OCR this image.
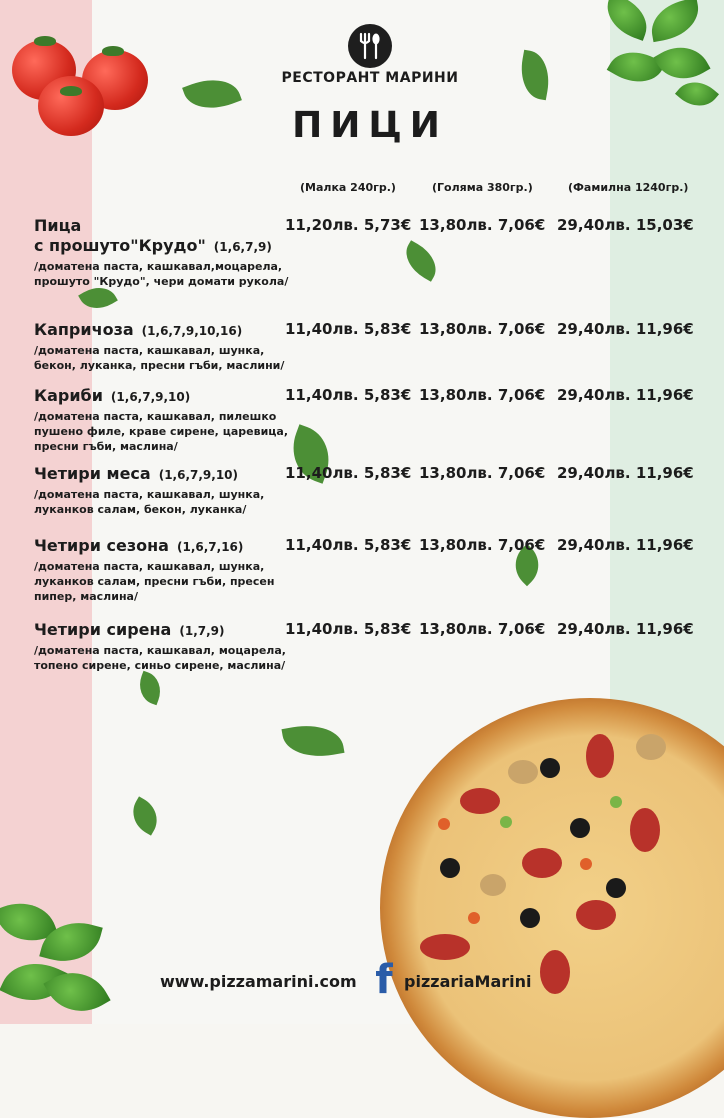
РЕСТОРАНТ МАРИНИ
ПИЦИ
(Малка 240гр.)	(Голяма 380гр.)	(Фамилна 1240гр.)
Пица
с прошуто"Крудо" (1,6,7,9)
/доматена паста, кашкавал,моцарела, прошуто "Крудо", чери домати рукола/
11,20лв. 5,73€ 13,80лв. 7,06€ 29,40лв. 15,03€
Капричоза (1,6,7,9,10,16)
/доматена паста, кашкавал, шунка, бекон, луканка, пресни гъби, маслини/
11,40лв. 5,83€ 13,80лв. 7,06€ 29,40лв. 11,96€
Кариби (1,6,7,9,10)
/доматена паста, кашкавал, пилешко пушено филе, краве сирене, царевица, пресни гъби, маслина/
11,40лв. 5,83€ 13,80лв. 7,06€ 29,40лв. 11,96€
Четири меса (1,6,7,9,10)
/доматена паста, кашкавал, шунка, луканков салам, бекон, луканка/
11,40лв. 5,83€ 13,80лв. 7,06€ 29,40лв. 11,96€
Четири сезона (1,6,7,16)
/доматена паста, кашкавал, шунка, луканков салам, пресни гъби, пресен пипер, маслина/
11,40лв. 5,83€ 13,80лв. 7,06€ 29,40лв. 11,96€
Четири сирена (1,7,9)
/доматена паста, кашкавал, моцарела, топено сирене, синьо сирене, маслина/
11,40лв. 5,83€ 13,80лв. 7,06€ 29,40лв. 11,96€
www.pizzamarini.com f pizzariaMarini
